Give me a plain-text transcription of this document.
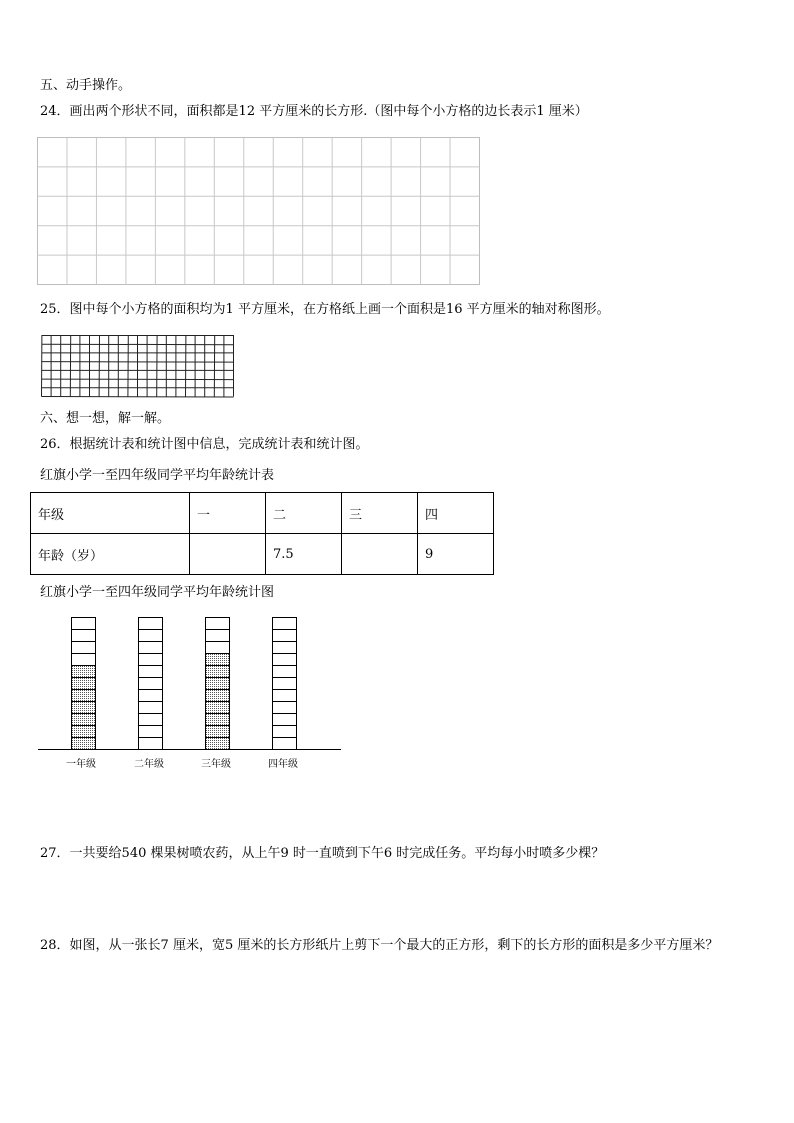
五、动手操作。
24．画出两个形状不同，面积都是12 平方厘米的长方形.（图中每个小方格的边长表示1 厘米）
25．图中每个小方格的面积均为1 平方厘米，在方格纸上画一个面积是16 平方厘米的轴对称图形。
六、想一想，解一解。
26．根据统计表和统计图中信息，完成统计表和统计图。
红旗小学一至四年级同学平均年龄统计表
年级	一	二	三	四
年龄（岁）		7.5		9
红旗小学一至四年级同学平均年龄统计图
一年级	二年级	三年级	四年级
27．一共要给540 棵果树喷农药，从上午9 时一直喷到下午6 时完成任务。平均每小时喷多少棵？
28．如图，从一张长7 厘米，宽5 厘米的长方形纸片上剪下一个最大的正方形，剩下的长方形的面积是多少平方厘米？
